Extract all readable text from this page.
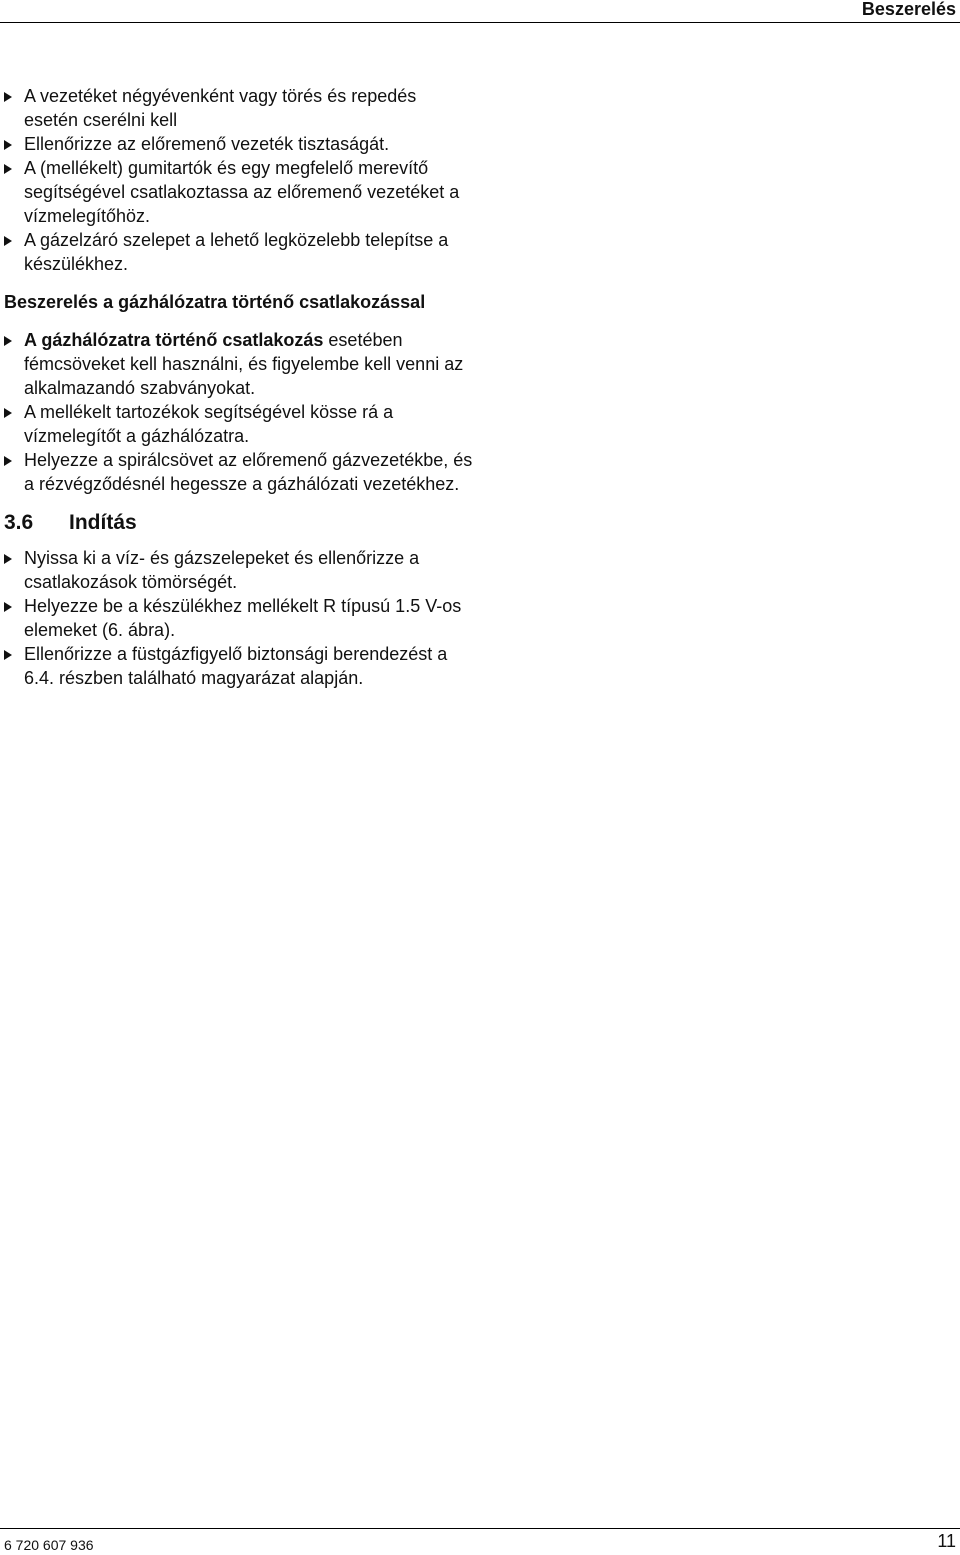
Beszerelés
A vezetéket négyévenként vagy törés és repedés esetén cserélni kell
Ellenőrizze az előremenő vezeték tisztaságát.
A (mellékelt) gumitartók és egy megfelelő merevítő segítségével csatlakoztassa az előremenő vezetéket a vízmelegítőhöz.
A gázelzáró szelepet a lehető legközelebb telepítse a készülékhez.
Beszerelés a gázhálózatra történő csatlakozással
A gázhálózatra történő csatlakozás esetében fémcsöveket kell használni, és figyelembe kell venni az alkalmazandó szabványokat.
A mellékelt tartozékok segítségével kösse rá a vízmelegítőt a gázhálózatra.
Helyezze a spirálcsövet az előremenő gázvezetékbe, és a rézvégződésnél hegessze a gázhálózati vezetékhez.
3.6 Indítás
Nyissa ki a víz- és gázszelepeket és ellenőrizze a csatlakozások tömörségét.
Helyezze be a készülékhez mellékelt R típusú 1.5 V-os elemeket (6. ábra).
Ellenőrizze a füstgázfigyelő biztonsági berendezést a 6.4. részben található magyarázat alapján.
6 720 607 936	11
